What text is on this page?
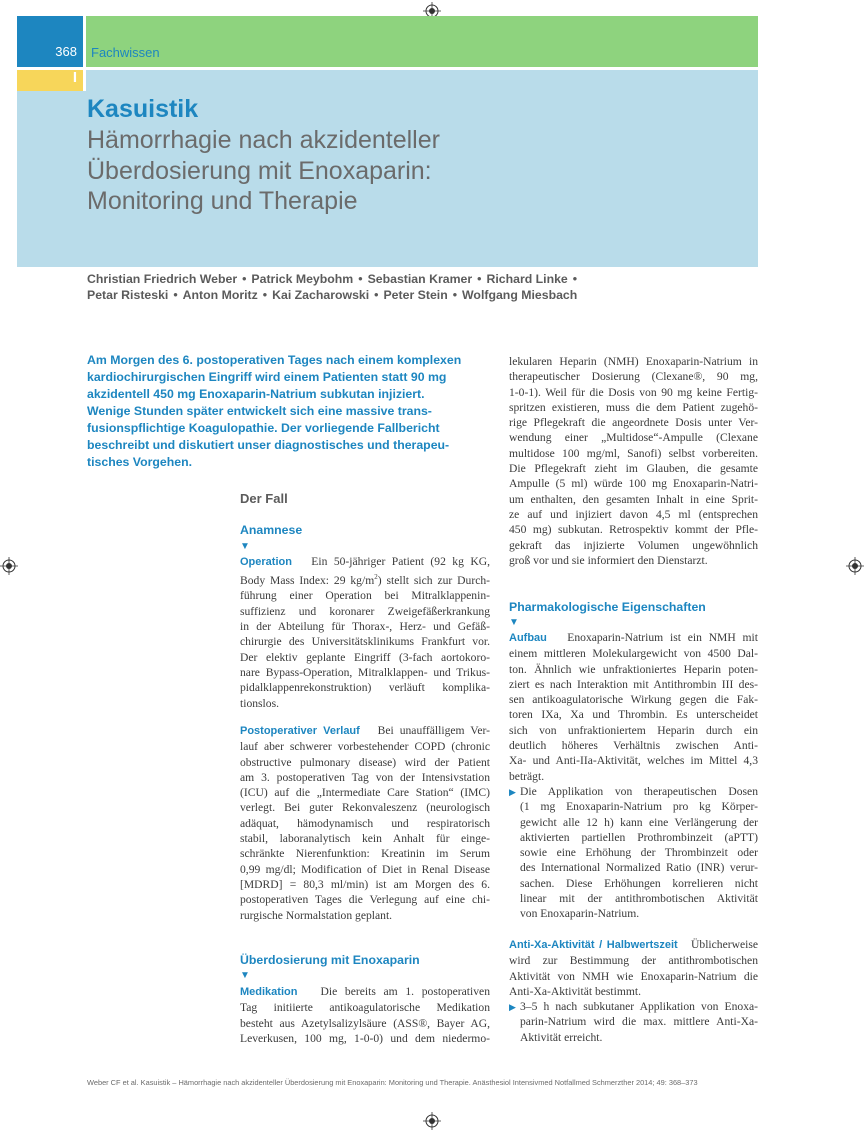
368 Fachwissen
I
Kasuistik
Hämorrhagie nach akzidenteller
Überdosierung mit Enoxaparin:
Monitoring und Therapie
Christian Friedrich Weber • Patrick Meybohm • Sebastian Kramer • Richard Linke •
Petar Risteski • Anton Moritz • Kai Zacharowski • Peter Stein • Wolfgang Miesbach
Am Morgen des 6. postoperativen Tages nach einem komplexen
kardiochirurgischen Eingriff wird einem Patienten statt 90 mg
akzidentell 450 mg Enoxaparin-Natrium subkutan injiziert.
Wenige Stunden später entwickelt sich eine massive trans-
fusionspflichtige Koagulopathie. Der vorliegende Fallbericht
beschreibt und diskutiert unser diagnostisches und therapeu-
tisches Vorgehen.
Der Fall
Anamnese
▼
Operation Ein 50-jähriger Patient (92 kg KG,
Body Mass Index: 29 $kg/m^2$) stellt sich zur Durch-
führung einer Operation bei Mitralklappenin-
suffizienz und koronarer Zweigefäßerkrankung
in der Abteilung für Thorax-, Herz- und Gefäß-
chirurgie des Universitätsklinikums Frankfurt vor.
Der elektiv geplante Eingriff (3-fach aortokoro-
nare Bypass-Operation, Mitralklappen- und Trikus-
pidalklappenrekonstruktion) verläuft komplika-
tionslos.
Postoperativer Verlauf Bei unauffälligem Ver-
lauf aber schwerer vorbestehender COPD (chronic
obstructive pulmonary disease) wird der Patient
am 3. postoperativen Tag von der Intensivstation
(ICU) auf die „Intermediate Care Station“ (IMC)
verlegt. Bei guter Rekonvaleszenz (neurologisch
adäquat, hämodynamisch und respiratorisch
stabil, laboranalytisch kein Anhalt für einge-
schränkte Nierenfunktion: Kreatinin im Serum
0,99 mg/dl; Modification of Diet in Renal Disease
[MDRD] = 80,3 ml/min) ist am Morgen des 6.
postoperativen Tages die Verlegung auf eine chi-
rurgische Normalstation geplant.
Überdosierung mit Enoxaparin
▼
Medikation Die bereits am 1. postoperativen
Tag initiierte antikoagulatorische Medikation
besteht aus Azetylsalizylsäure (ASS®, Bayer AG,
Leverkusen, 100 mg, 1-0-0) und dem niedermo-
lekularen Heparin (NMH) Enoxaparin-Natrium in
therapeutischer Dosierung (Clexane®, 90 mg,
1-0-1). Weil für die Dosis von 90 mg keine Fertig-
spritzen existieren, muss die dem Patient zugehö-
rige Pflegekraft die angeordnete Dosis unter Ver-
wendung einer „Multidose“-Ampulle (Clexane
multidose 100 mg/ml, Sanofi) selbst vorbereiten.
Die Pflegekraft zieht im Glauben, die gesamte
Ampulle (5 ml) würde 100 mg Enoxaparin-Natri-
um enthalten, den gesamten Inhalt in eine Sprit-
ze auf und injiziert davon 4,5 ml (entsprechen
450 mg) subkutan. Retrospektiv kommt der Pfle-
gekraft das injizierte Volumen ungewöhnlich
groß vor und sie informiert den Dienstarzt.
Pharmakologische Eigenschaften
▼
Aufbau Enoxaparin-Natrium ist ein NMH mit
einem mittleren Molekulargewicht von 4500 Dal-
ton. Ähnlich wie unfraktioniertes Heparin poten-
ziert es nach Interaktion mit Antithrombin III des-
sen antikoagulatorische Wirkung gegen die Fak-
toren IXa, Xa und Thrombin. Es unterscheidet
sich von unfraktioniertem Heparin durch ein
deutlich höheres Verhältnis zwischen Anti-
Xa- und Anti-IIa-Aktivität, welches im Mittel 4,3
beträgt.
▶ Die Applikation von therapeutischen Dosen
(1 mg Enoxaparin-Natrium pro kg Körper-
gewicht alle 12 h) kann eine Verlängerung der
aktivierten partiellen Prothrombinzeit (aPTT)
sowie eine Erhöhung der Thrombinzeit oder
des International Normalized Ratio (INR) verur-
sachen. Diese Erhöhungen korrelieren nicht
linear mit der antithrombotischen Aktivität
von Enoxaparin-Natrium.
Anti-Xa-Aktivität / Halbwertszeit Üblicherweise
wird zur Bestimmung der antithrombotischen
Aktivität von NMH wie Enoxaparin-Natrium die
Anti-Xa-Aktivität bestimmt.
▶ 3–5 h nach subkutaner Applikation von Enoxa-
parin-Natrium wird die max. mittlere Anti-Xa-
Aktivität erreicht.
Weber CF et al. Kasuistik – Hämorrhagie nach akzidenteller Überdosierung mit Enoxaparin: Monitoring und Therapie. Anästhesiol Intensivmed Notfallmed Schmerzther 2014; 49: 368–373
